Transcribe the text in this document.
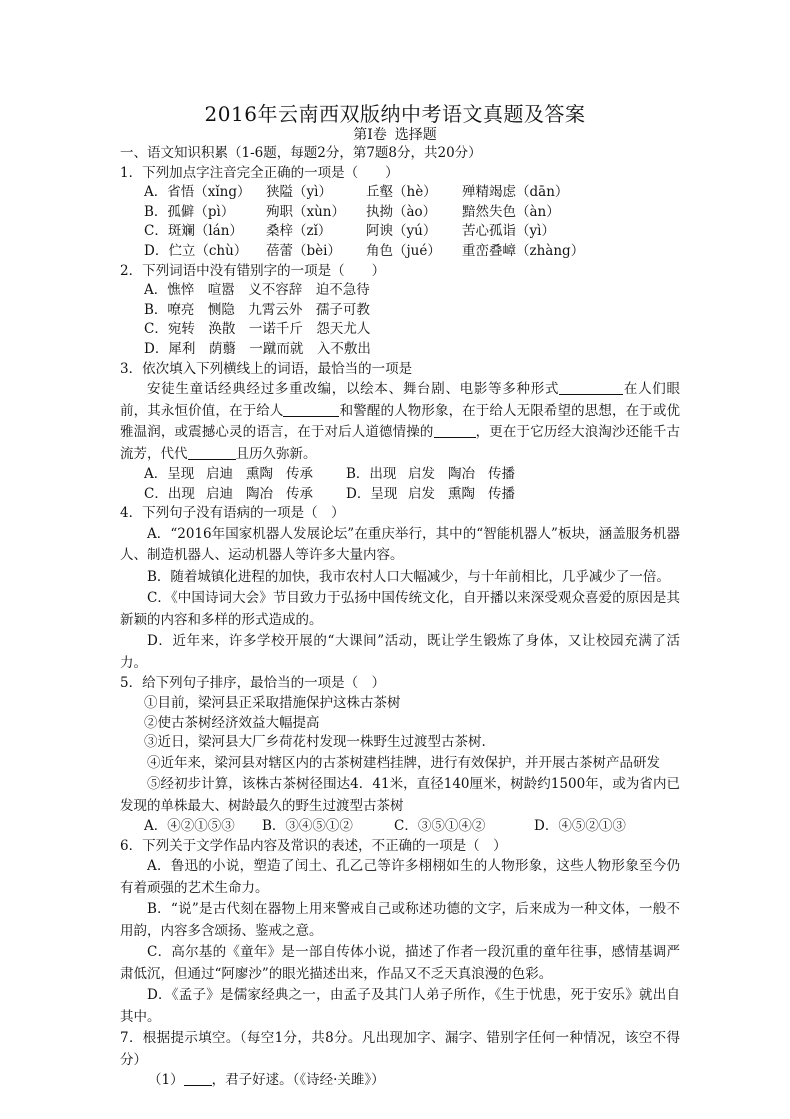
2016年云南西双版纳中考语文真题及答案
第Ⅰ卷 选择题
一、语文知识积累（1-6题，每题2分，第7题8分，共20分）
1．下列加点字注音完全正确的一项是（　　）
A．省悟（xǐng） 狭隘（yì）	丘壑（hè） 殚精竭虑（dān）
B．孤僻（pì） 殉职（xùn） 执拗（ào） 黯然失色（àn）
C．斑斓（lán） 桑梓（zǐ）	阿谀（yú） 苦心孤诣（yì）
D．伫立（chù） 蓓蕾（bèi） 角色（jué） 重峦叠嶂（zhàng）
2．下列词语中没有错别字的一项是（　　）
A．憔悴　喧嚣　义不容辞　迫不急待
B．嘹亮　恻隐　九霄云外　孺子可教
C．宛转　涣散　一诺千斤　怨天尤人
D．犀利　荫蘙　一蹴而就　入不敷出
3．依次填入下列横线上的词语，最恰当的一项是
安徒生童话经典经过多重改编，以绘本、舞台剧、电影等多种形式	在人们眼前，其永恒价值，在于给人	和警醒的人物形象，在于给人无限希望的思想，在于或优雅温润，或震撼心灵的语言，在于对后人道德情操的	，更在于它历经大浪淘沙还能千古流芳，代代	且历久弥新。
A．呈现 启迪 熏陶 传承 B．出现 启发 陶冶 传播
C．出现 启迪 陶冶 传承 D．呈现 启发 熏陶 传播
4．下列句子没有语病的一项是（　）
A．“2016年国家机器人发展论坛”在重庆举行，其中的“智能机器人”板块，涵盖服务机器人、制造机器人、运动机器人等许多大量内容。
B．随着城镇化进程的加快，我市农村人口大幅减少，与十年前相比，几乎减少了一倍。
C．《中国诗词大会》节目致力于弘扬中国传统文化，自开播以来深受观众喜爱的原因是其新颖的内容和多样的形式造成的。
D．近年来，许多学校开展的“大课间”活动，既让学生锻炼了身体，又让校园充满了活力。
5．给下列句子排序，最恰当的一项是（　）
①目前，梁河县正采取措施保护这株古茶树
②使古茶树经济效益大幅提高
③近日，梁河县大厂乡荷花村发现一株野生过渡型古茶树.
④近年来，梁河县对辖区内的古茶树建档挂牌，进行有效保护，并开展古茶树产品研发
⑤经初步计算，该株古茶树径围达4．41米，直径140厘米，树龄约1500年，或为省内已发现的单株最大、树龄最久的野生过渡型古茶树
A．④②①⑤③ B．③④⑤①②	C．③⑤①④②	D．④⑤②①③
6．下列关于文学作品内容及常识的表述，不正确的一项是（　）
A．鲁迅的小说，塑造了闰土、孔乙己等许多栩栩如生的人物形象，这些人物形象至今仍有着顽强的艺术生命力。
B．“说”是古代刻在器物上用来警戒自己或称述功德的文字，后来成为一种文体，一般不用韵，内容多含颂扬、鉴戒之意。
C．高尔基的《童年》是一部自传体小说，描述了作者一段沉重的童年往事，感情基调严肃低沉，但通过“阿廖沙”的眼光描述出来，作品又不乏天真浪漫的色彩。
D．《孟子》是儒家经典之一，由孟子及其门人弟子所作，《生于忧患，死于安乐》就出自其中。
7．根据提示填空。（每空1分，共8分。凡出现加字、漏字、错别字任何一种情况，该空不得分）
（1） ，君子好逑。（《诗经·关雎》）
